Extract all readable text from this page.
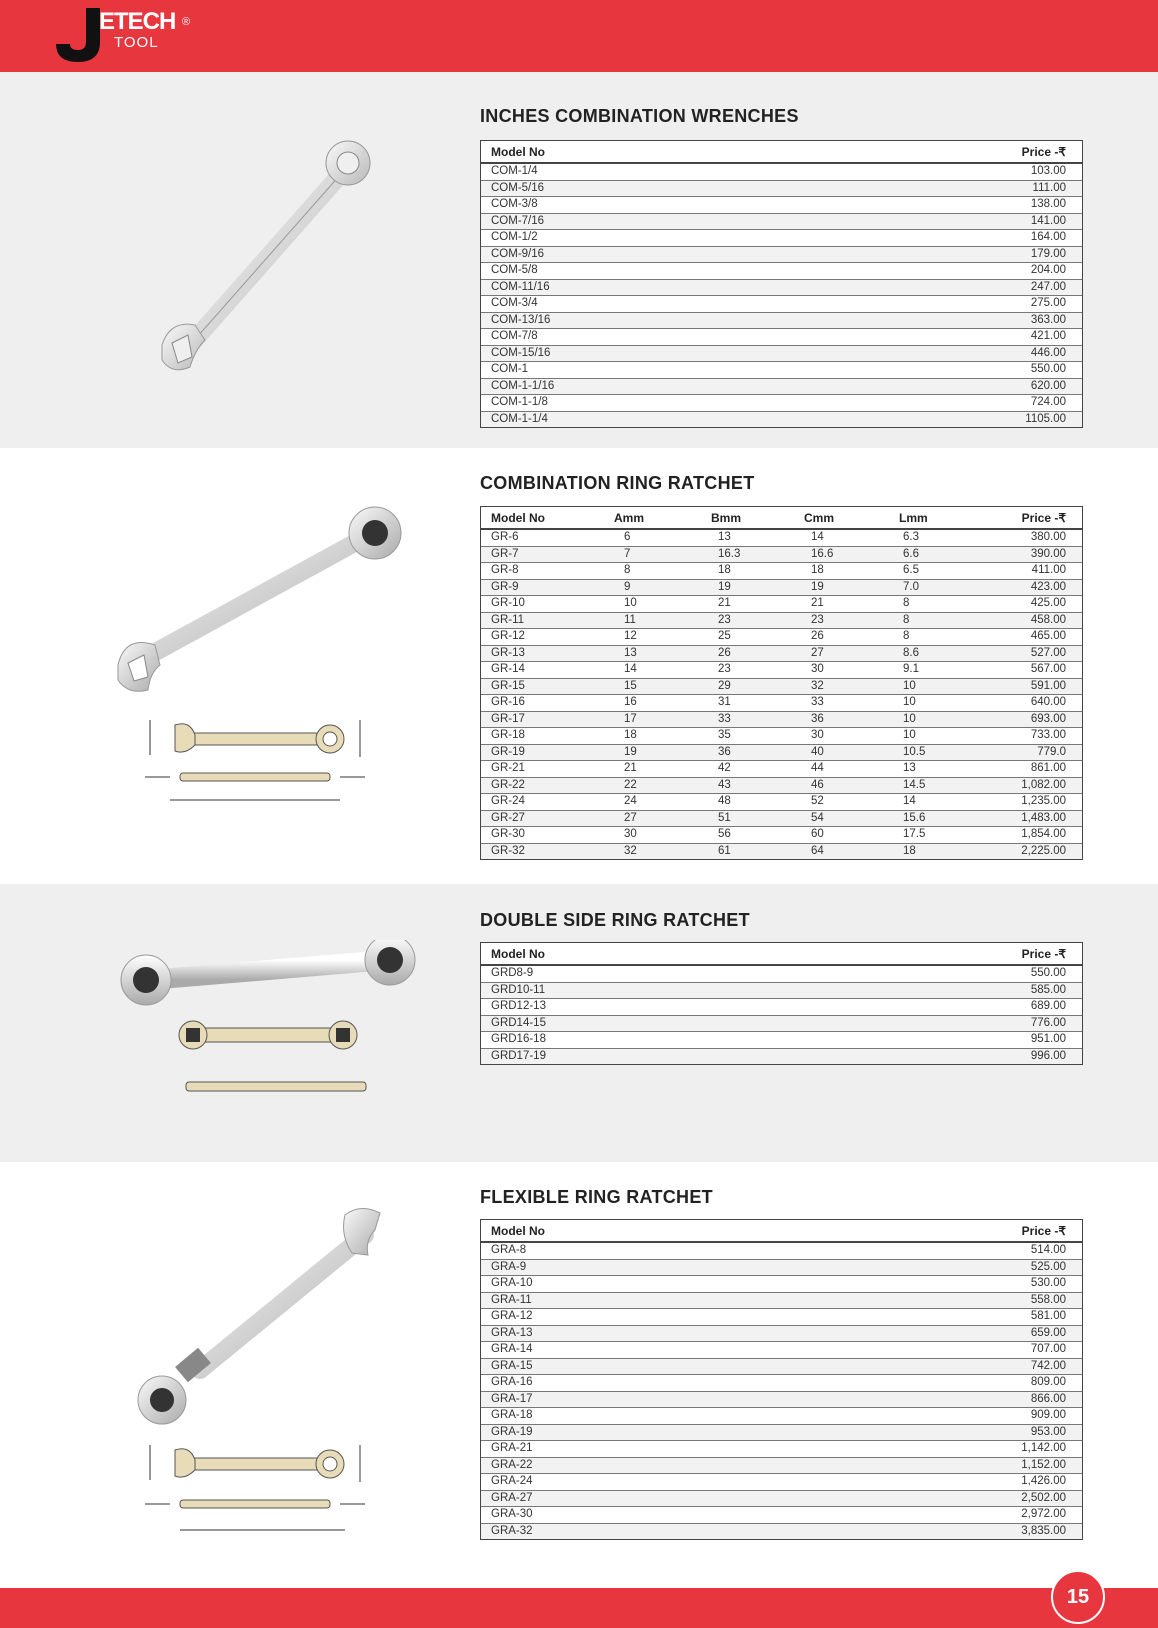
ETECH ®
TOOL
INCHES COMBINATION WRENCHES
Model No	Price -₹
COM-1/4	103.00
COM-5/16	111.00
COM-3/8	138.00
COM-7/16	141.00
COM-1/2	164.00
COM-9/16	179.00
COM-5/8	204.00
COM-11/16	247.00
COM-3/4	275.00
COM-13/16	363.00
COM-7/8	421.00
COM-15/16	446.00
COM-1	550.00
COM-1-1/16	620.00
COM-1-1/8	724.00
COM-1-1/4	1105.00
COMBINATION RING RATCHET
Model No	Amm	Bmm	Cmm	Lmm	Price -₹
GR-6	6	13	14	6.3	380.00
GR-7	7	16.3	16.6	6.6	390.00
GR-8	8	18	18	6.5	411.00
GR-9	9	19	19	7.0	423.00
GR-10	10	21	21	8	425.00
GR-11	11	23	23	8	458.00
GR-12	12	25	26	8	465.00
GR-13	13	26	27	8.6	527.00
GR-14	14	23	30	9.1	567.00
GR-15	15	29	32	10	591.00
GR-16	16	31	33	10	640.00
GR-17	17	33	36	10	693.00
GR-18	18	35	30	10	733.00
GR-19	19	36	40	10.5	779.0
GR-21	21	42	44	13	861.00
GR-22	22	43	46	14.5	1,082.00
GR-24	24	48	52	14	1,235.00
GR-27	27	51	54	15.6	1,483.00
GR-30	30	56	60	17.5	1,854.00
GR-32	32	61	64	18	2,225.00
DOUBLE SIDE RING RATCHET
Model No	Price -₹
GRD8-9	550.00
GRD10-11	585.00
GRD12-13	689.00
GRD14-15	776.00
GRD16-18	951.00
GRD17-19	996.00
FLEXIBLE RING RATCHET
Model No	Price -₹
GRA-8	514.00
GRA-9	525.00
GRA-10	530.00
GRA-11	558.00
GRA-12	581.00
GRA-13	659.00
GRA-14	707.00
GRA-15	742.00
GRA-16	809.00
GRA-17	866.00
GRA-18	909.00
GRA-19	953.00
GRA-21	1,142.00
GRA-22	1,152.00
GRA-24	1,426.00
GRA-27	2,502.00
GRA-30	2,972.00
GRA-32	3,835.00
15
